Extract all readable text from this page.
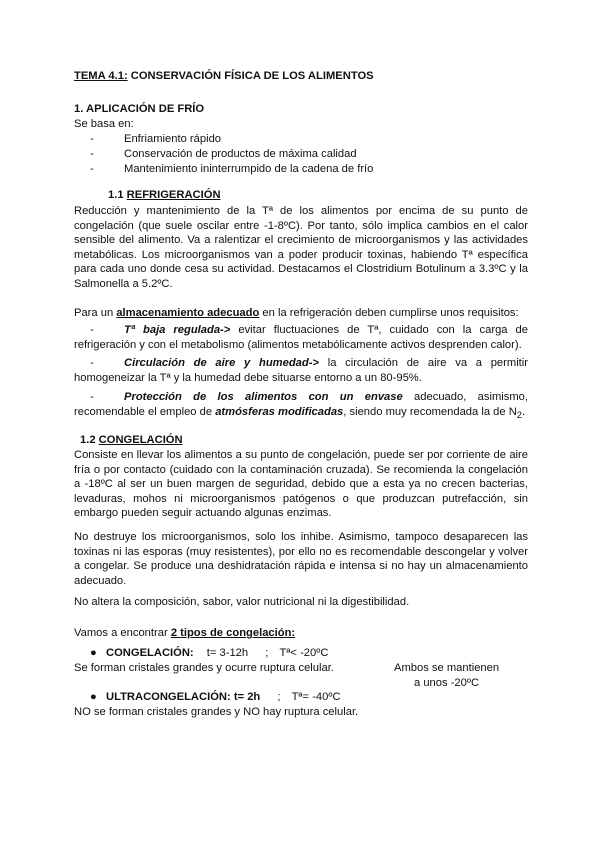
TEMA 4.1: CONSERVACIÓN FÍSICA DE LOS ALIMENTOS
1. APLICACIÓN DE FRÍO
Se basa en:
-	Enfriamiento rápido
-	Conservación de productos de máxima calidad
-	Mantenimiento ininterrumpido de la cadena de frío
1.1 REFRIGERACIÓN
Reducción y mantenimiento de la Tª de los alimentos por encima de su punto de congelación (que suele oscilar entre -1-8ºC). Por tanto, sólo implica cambios en el calor sensible del alimento. Va a ralentizar el crecimiento de microorganismos y las actividades metabólicas. Los microorganismos van a poder producir toxinas, habiendo Tª específica para cada uno donde cesa su actividad. Destacamos el Clostridium Botulinum a 3.3ºC y la Salmonella a 5.2ºC.
Para un almacenamiento adecuado en la refrigeración deben cumplirse unos requisitos:
-	Tª baja regulada-> evitar fluctuaciones de Tª, cuidado con la carga de refrigeración y con el metabolismo (alimentos metabólicamente activos desprenden calor).
-	Circulación de aire y humedad-> la circulación de aire va a permitir homogeneizar la Tª y la humedad debe situarse entorno a un 80-95%.
-	Protección de los alimentos con un envase adecuado, asimismo, recomendable el empleo de atmósferas modificadas, siendo muy recomendada la de $N_2$.
1.2 CONGELACIÓN
Consiste en llevar los alimentos a su punto de congelación, puede ser por corriente de aire fría o por contacto (cuidado con la contaminación cruzada). Se recomienda la congelación a -18ºC al ser un buen margen de seguridad, debido que a esta ya no crecen bacterias, levaduras, mohos ni microorganismos patógenos o que produzcan putrefacción, sin embargo pueden seguir actuando algunas enzimas.
No destruye los microorganismos, solo los inhibe. Asimismo, tampoco desaparecen las toxinas ni las esporas (muy resistentes), por ello no es recomendable descongelar y volver a congelar. Se produce una deshidratación rápida e intensa si no hay un almacenamiento adecuado.
No altera la composición, sabor, valor nutricional ni la digestibilidad.
Vamos a encontrar 2 tipos de congelación:
● CONGELACIÓN: t= 3-12h ; Tª< -20ºC
Se forman cristales grandes y ocurre ruptura celular.	Ambos se mantienen
a unos -20ºC
● ULTRACONGELACIÓN: t= 2h ; Tª= -40ºC
NO se forman cristales grandes y NO hay ruptura celular.
